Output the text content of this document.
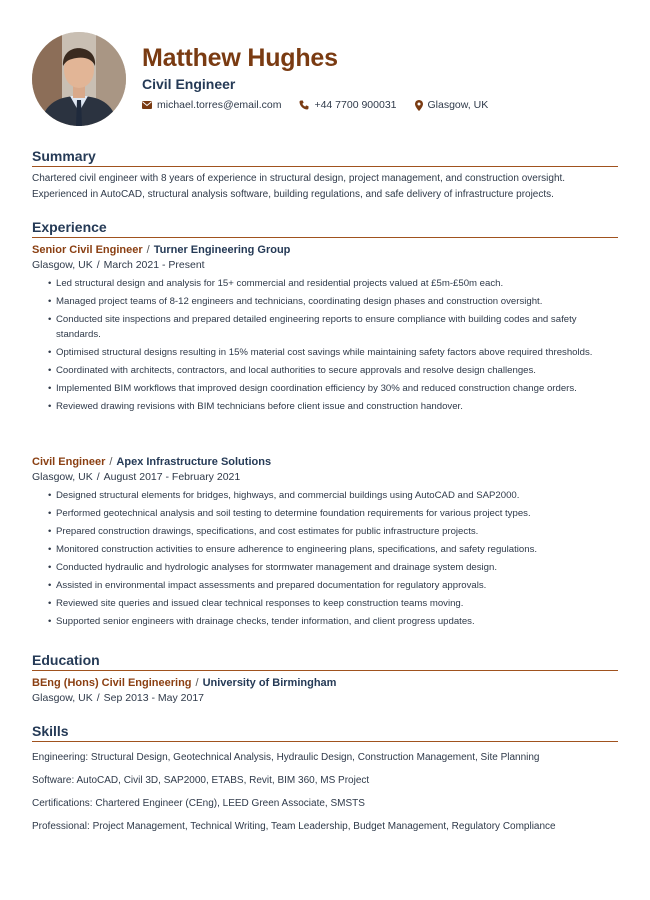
Matthew Hughes
Civil Engineer
michael.torres@email.com	+44 7700 900031	Glasgow, UK
Summary
Chartered civil engineer with 8 years of experience in structural design, project management, and construction oversight. Experienced in AutoCAD, structural analysis software, building regulations, and safe delivery of infrastructure projects.
Experience
Senior Civil Engineer / Turner Engineering Group
Glasgow, UK / March 2021 - Present
• Led structural design and analysis for 15+ commercial and residential projects valued at £5m-£50m each.
• Managed project teams of 8-12 engineers and technicians, coordinating design phases and construction oversight.
• Conducted site inspections and prepared detailed engineering reports to ensure compliance with building codes and safety standards.
• Optimised structural designs resulting in 15% material cost savings while maintaining safety factors above required thresholds.
• Coordinated with architects, contractors, and local authorities to secure approvals and resolve design challenges.
• Implemented BIM workflows that improved design coordination efficiency by 30% and reduced construction change orders.
• Reviewed drawing revisions with BIM technicians before client issue and construction handover.
Civil Engineer / Apex Infrastructure Solutions
Glasgow, UK / August 2017 - February 2021
• Designed structural elements for bridges, highways, and commercial buildings using AutoCAD and SAP2000.
• Performed geotechnical analysis and soil testing to determine foundation requirements for various project types.
• Prepared construction drawings, specifications, and cost estimates for public infrastructure projects.
• Monitored construction activities to ensure adherence to engineering plans, specifications, and safety regulations.
• Conducted hydraulic and hydrologic analyses for stormwater management and drainage system design.
• Assisted in environmental impact assessments and prepared documentation for regulatory approvals.
• Reviewed site queries and issued clear technical responses to keep construction teams moving.
• Supported senior engineers with drainage checks, tender information, and client progress updates.
Education
BEng (Hons) Civil Engineering / University of Birmingham
Glasgow, UK / Sep 2013 - May 2017
Skills
Engineering: Structural Design, Geotechnical Analysis, Hydraulic Design, Construction Management, Site Planning
Software: AutoCAD, Civil 3D, SAP2000, ETABS, Revit, BIM 360, MS Project
Certifications: Chartered Engineer (CEng), LEED Green Associate, SMSTS
Professional: Project Management, Technical Writing, Team Leadership, Budget Management, Regulatory Compliance
